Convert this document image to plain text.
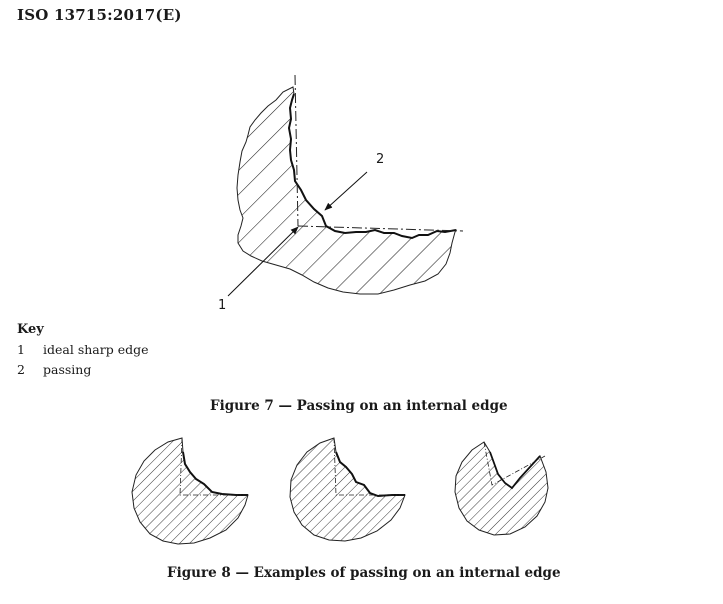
ISO 13715:2017(E)
2
1
Key
1	ideal sharp edge
2	passing
Figure 7 — Passing on an internal edge
Figure 8 — Examples of passing on an internal edge
